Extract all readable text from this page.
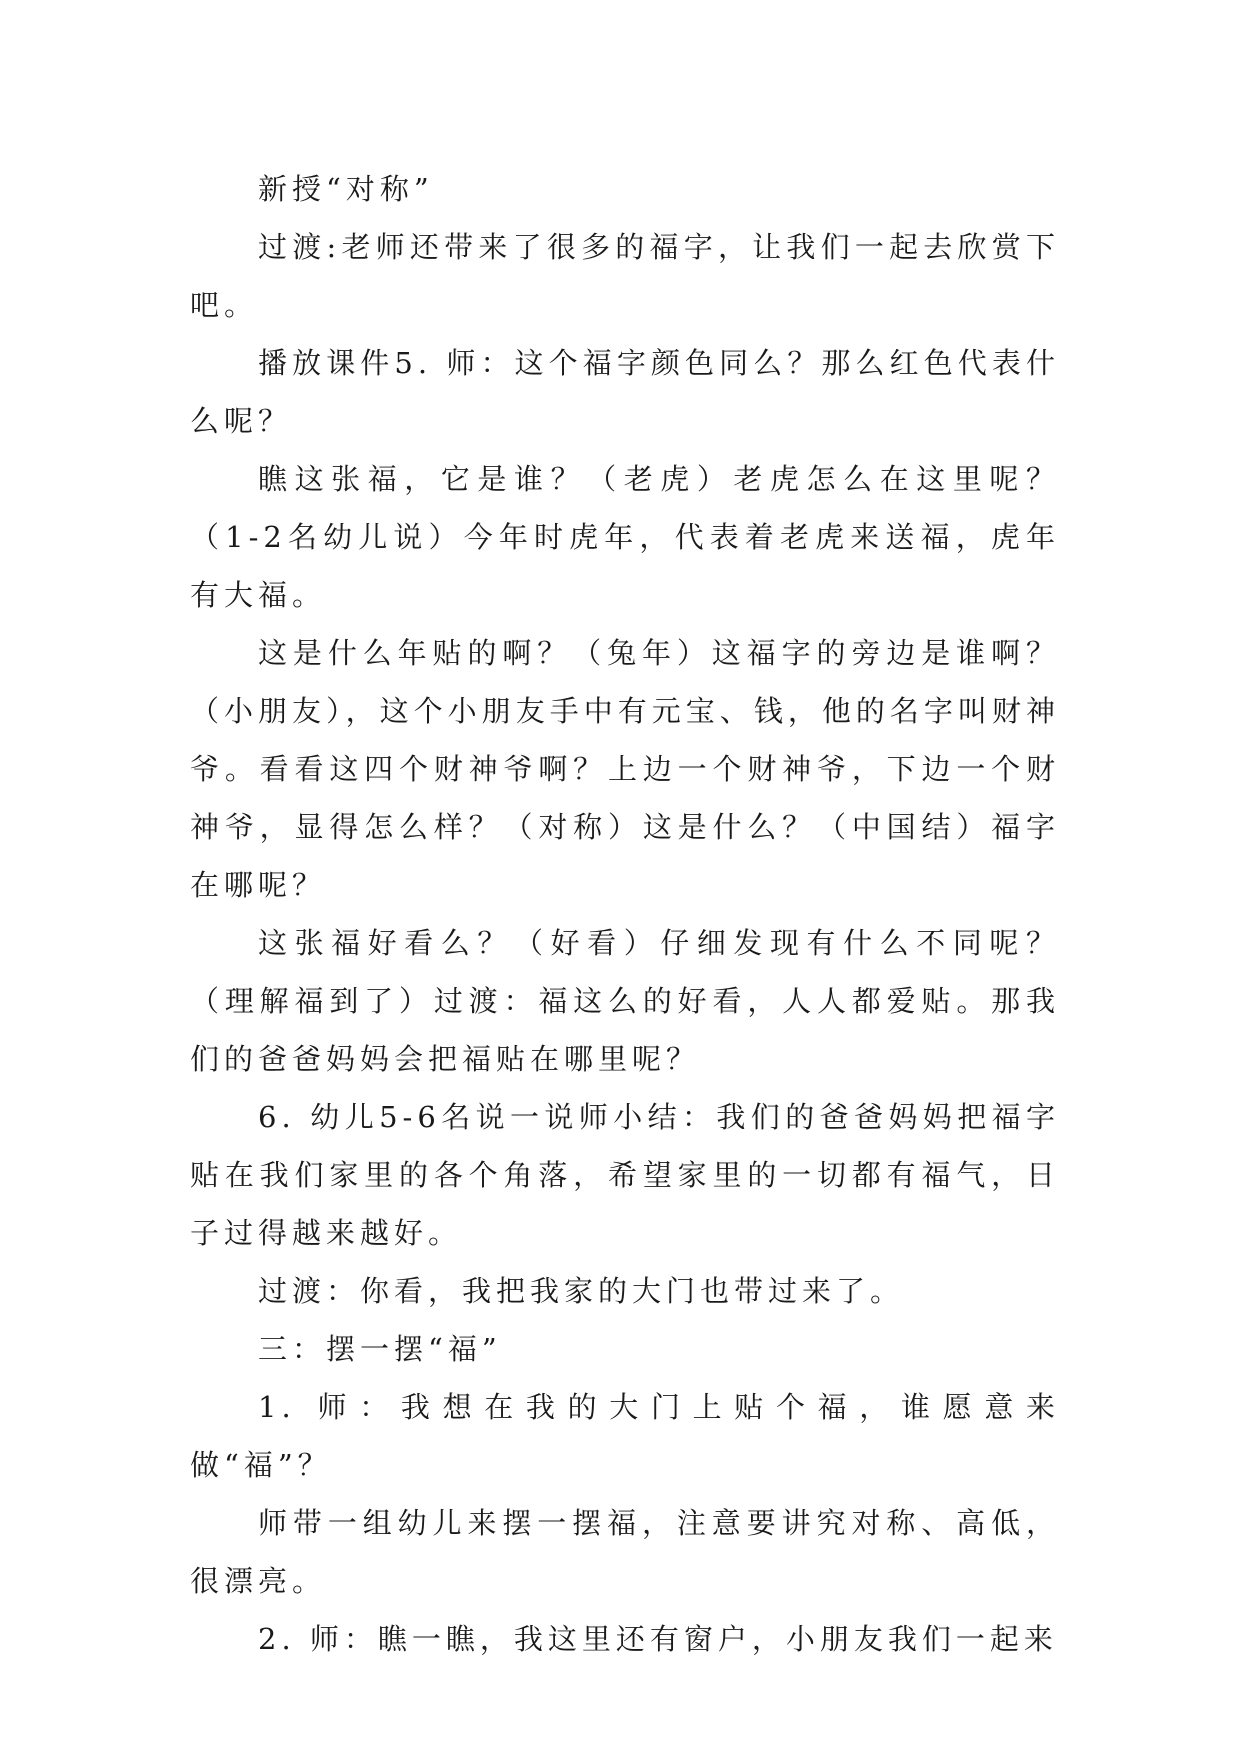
新授“对称”

过渡:老师还带来了很多的福字，让我们一起去欣赏下吧。

播放课件5. 师：这个福字颜色同么？那么红色代表什么呢？

瞧这张福，它是谁？（老虎）老虎怎么在这里呢？（1-2名幼儿说）今年时虎年，代表着老虎来送福，虎年有大福。

这是什么年贴的啊？（兔年）这福字的旁边是谁啊？（小朋友），这个小朋友手中有元宝、钱，他的名字叫财神爷。看看这四个财神爷啊？上边一个财神爷，下边一个财神爷，显得怎么样？（对称）这是什么？（中国结）福字在哪呢？

这张福好看么？（好看）仔细发现有什么不同呢？（理解福到了）过渡：福这么的好看，人人都爱贴。那我们的爸爸妈妈会把福贴在哪里呢？

6. 幼儿5-6名说一说师小结：我们的爸爸妈妈把福字贴在我们家里的各个角落，希望家里的一切都有福气，日子过得越来越好。

过渡：你看，我把我家的大门也带过来了。

三：摆一摆“福”

1. 师：我想在我的大门上贴个福，谁愿意来做“福”？

师带一组幼儿来摆一摆福，注意要讲究对称、高低，很漂亮。

2. 师：瞧一瞧，我这里还有窗户，小朋友我们一起来
